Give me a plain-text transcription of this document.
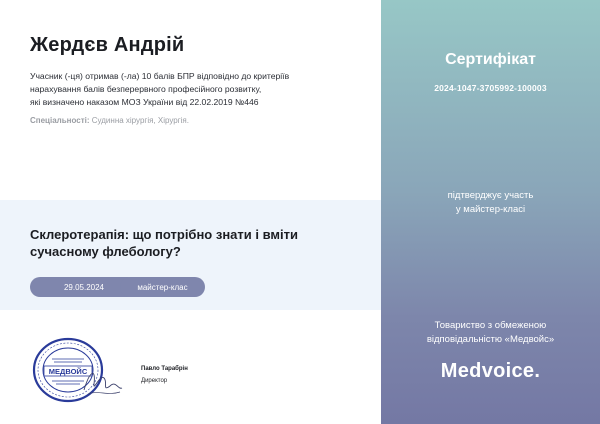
Жердєв Андрій
Учасник (-ця) отримав (-ла) 10 балів БПР відповідно до критеріїв
нарахування балів безперервного професійного розвитку,
які визначено наказом МОЗ України від 22.02.2019 №446
Спеціальності: Судинна хірургія, Хірургія.
Склеротерапія: що потрібно знати і вміти сучасному флебологу?
29.05.2024	майстер-клас
МЕДВОЙС	Павло Тарабрін
Директор
Сертифікат
2024-1047-3705992-100003
підтверджує участь
у майстер-класі
Товариство з обмеженою
відповідальністю «Медвойс»
Medvoice.
